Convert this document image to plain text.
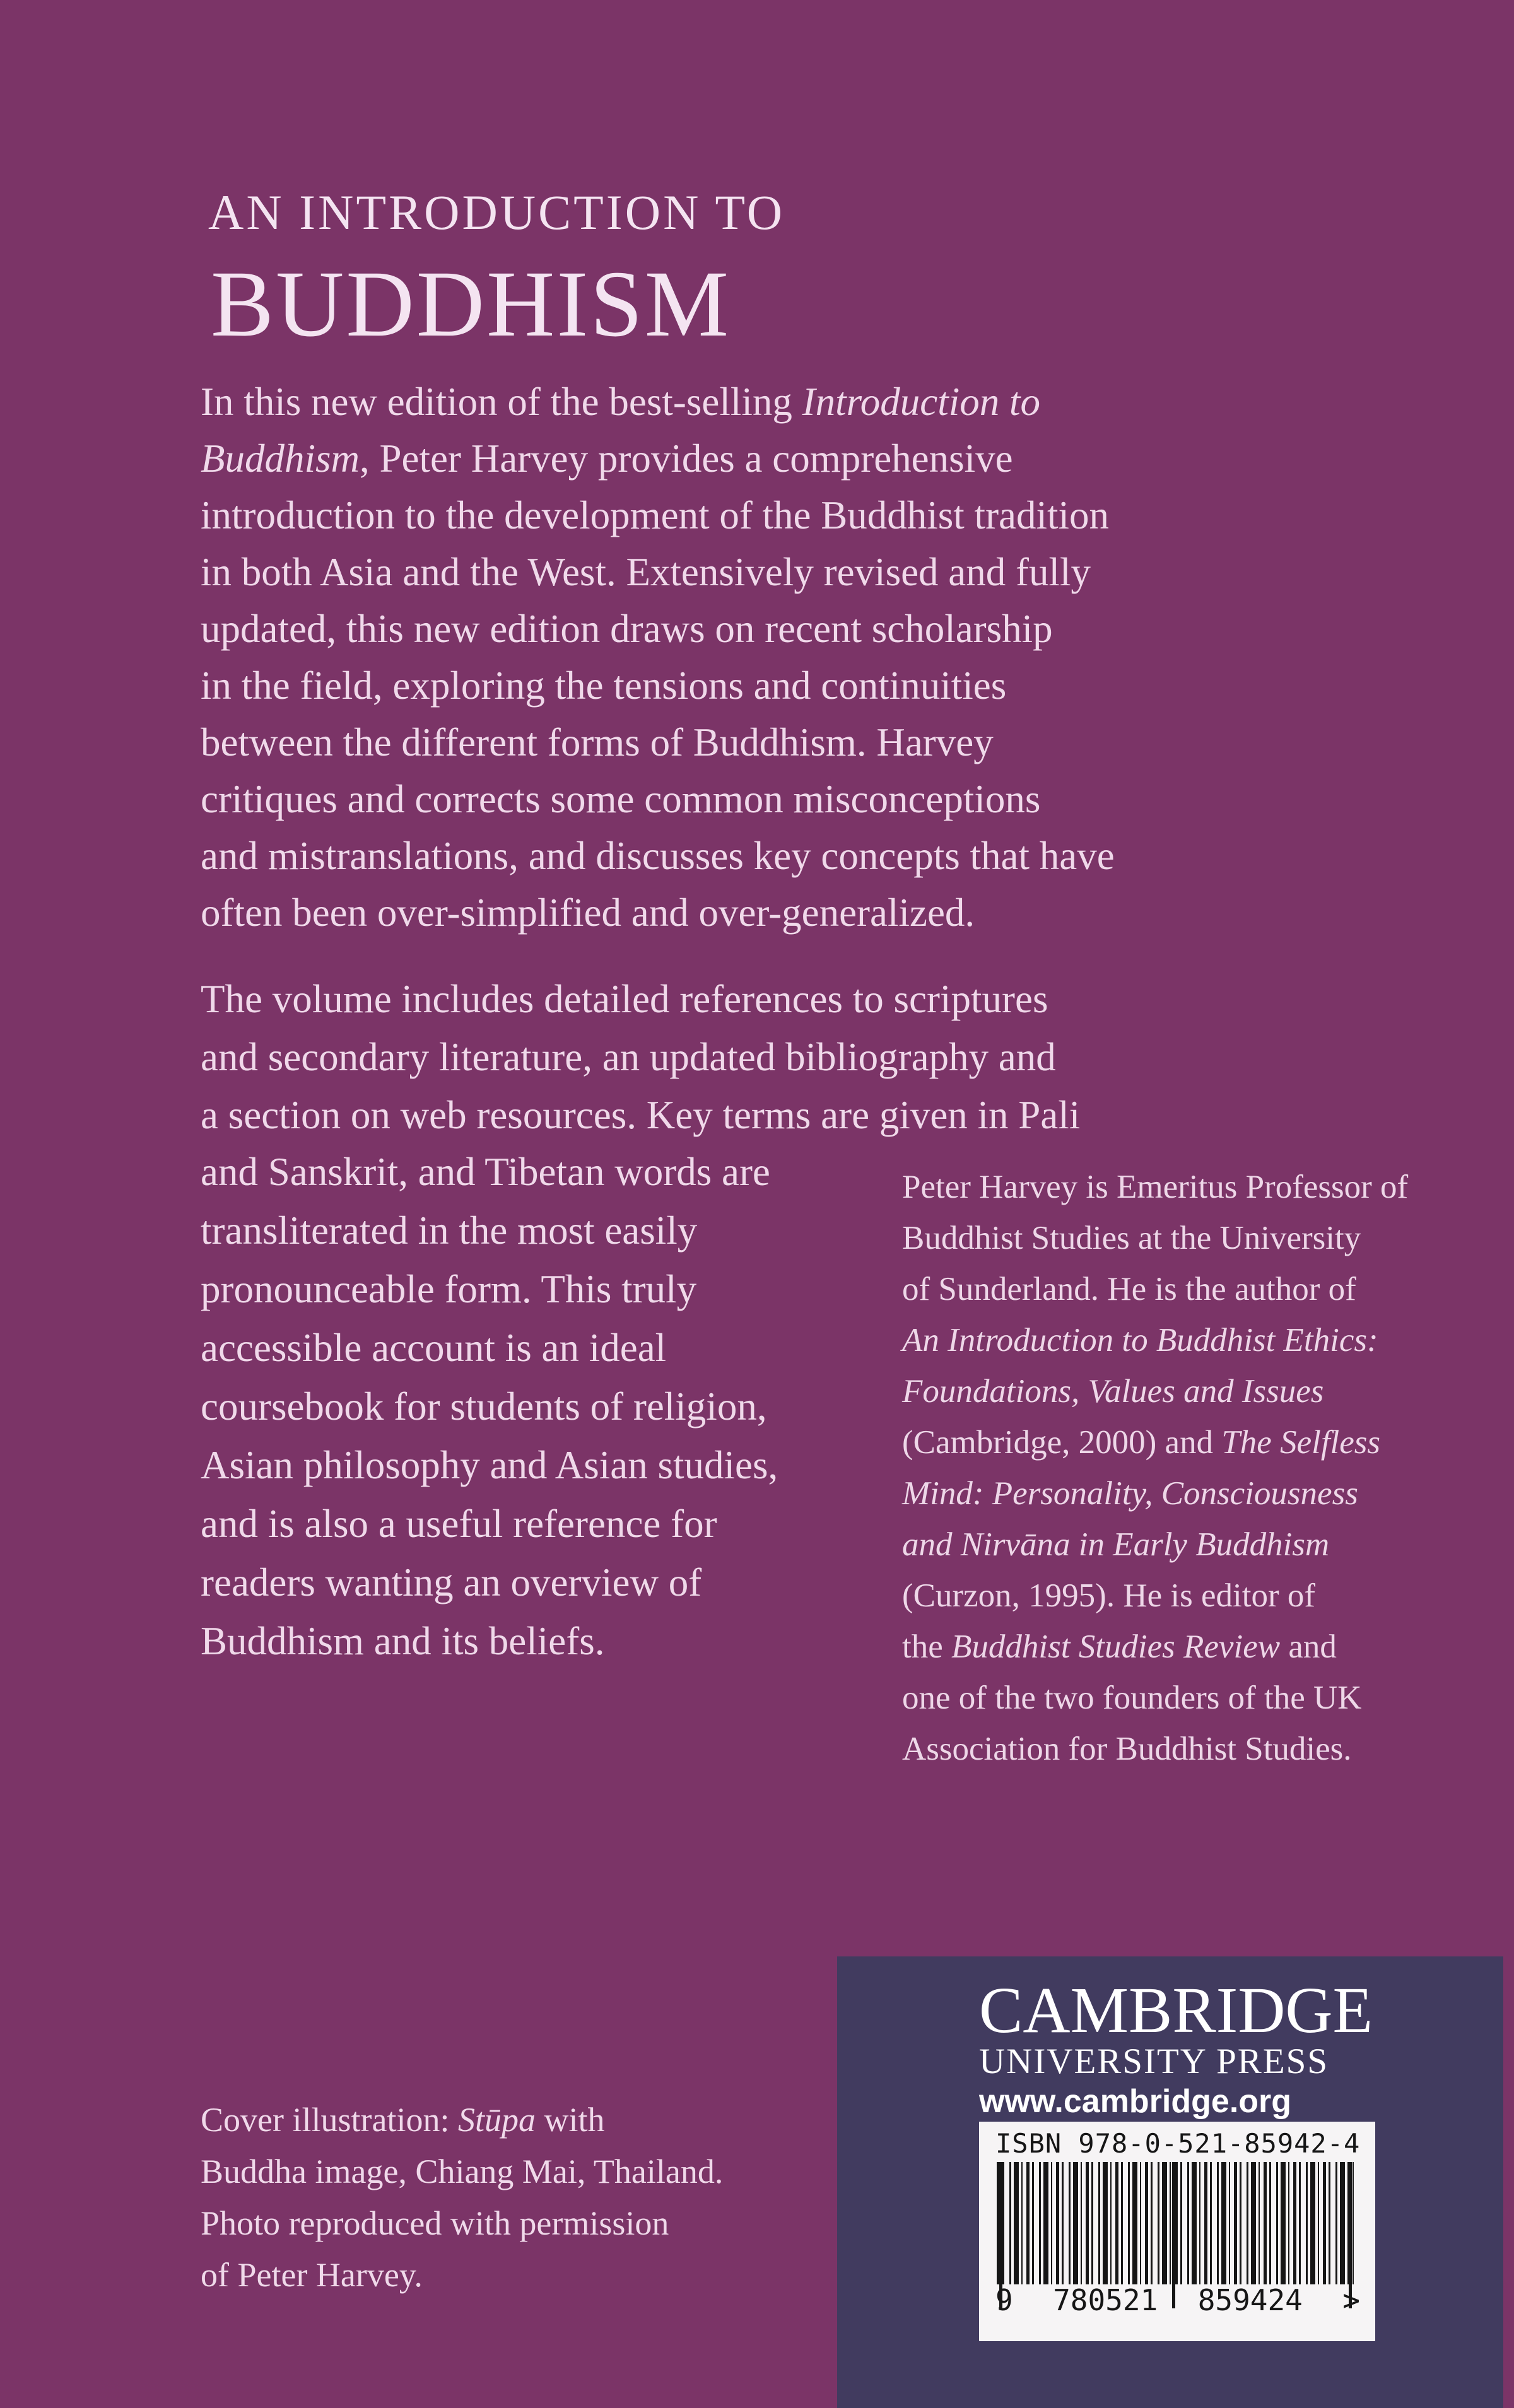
AN INTRODUCTION TO
BUDDHISM
In this new edition of the best-selling Introduction to
Buddhism, Peter Harvey provides a comprehensive
introduction to the development of the Buddhist tradition
in both Asia and the West. Extensively revised and fully
updated, this new edition draws on recent scholarship
in the field, exploring the tensions and continuities
between the different forms of Buddhism. Harvey
critiques and corrects some common misconceptions
and mistranslations, and discusses key concepts that have
often been over-simplified and over-generalized.
The volume includes detailed references to scriptures
and secondary literature, an updated bibliography and
a section on web resources. Key terms are given in Pali
and Sanskrit, and Tibetan words are
transliterated in the most easily
pronounceable form. This truly
accessible account is an ideal
coursebook for students of religion,
Asian philosophy and Asian studies,
and is also a useful reference for
readers wanting an overview of
Buddhism and its beliefs.
Peter Harvey is Emeritus Professor of
Buddhist Studies at the University
of Sunderland. He is the author of
An Introduction to Buddhist Ethics:
Foundations, Values and Issues
(Cambridge, 2000) and The Selfless
Mind: Personality, Consciousness
and Nirvāna in Early Buddhism
(Curzon, 1995). He is editor of
the Buddhist Studies Review and
one of the two founders of the UK
Association for Buddhist Studies.
Cover illustration: Stūpa with
Buddha image, Chiang Mai, Thailand.
Photo reproduced with permission
of Peter Harvey.
CAMBRIDGE
UNIVERSITY PRESS
www.cambridge.org
ISBN 978-0-521-85942-4
9 780521 859424 >
